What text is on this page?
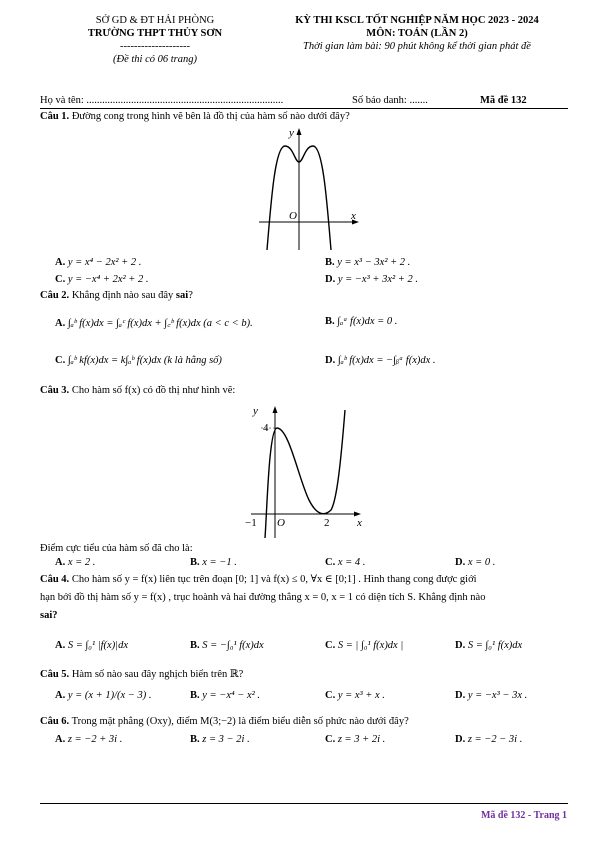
SỞ GD & ĐT HẢI PHÒNG
TRƯỜNG THPT THỦY SƠN
--------------------
(Đề thi có 06 trang)
KỲ THI KSCL TỐT NGHIỆP NĂM HỌC 2023 - 2024
MÔN: TOÁN (LẦN 2)
Thời gian làm bài: 90 phút không kể thời gian phát đề
Họ và tên: ...........................................................................	Số báo danh: .......	Mã đề 132
Câu 1. Đường cong trong hình vẽ bên là đồ thị của hàm số nào dưới đây?
y
x
O
A. y = x⁴ − 2x² + 2 .	B. y = x³ − 3x² + 2 .
C. y = −x⁴ + 2x² + 2 .	D. y = −x³ + 3x² + 2 .
Câu 2. Khẳng định nào sau đây sai?
A. ∫ₐᵇ f(x)dx = ∫ₐᶜ f(x)dx + ∫꜀ᵇ f(x)dx (a < c < b).	B. ∫ₐᵃ f(x)dx = 0 .
C. ∫ₐᵇ kf(x)dx = k∫ₐᵇ f(x)dx (k là hằng số)	D. ∫ₐᵇ f(x)dx = −∫ᵦᵃ f(x)dx .
Câu 3. Cho hàm số f(x) có đồ thị như hình vẽ:
y
4
−1 O	2	x
Điểm cực tiểu của hàm số đã cho là:
A. x = 2 .	B. x = −1 .	C. x = 4 .	D. x = 0 .
Câu 4. Cho hàm số y = f(x) liên tục trên đoạn [0; 1] và f(x) ≤ 0, ∀x ∈ [0;1] . Hình thang cong được giới
hạn bởi đồ thị hàm số y = f(x) , trục hoành và hai đường thẳng x = 0, x = 1 có diện tích S. Khẳng định nào
sai?
A. S = ∫₀¹ |f(x)|dx	B. S = −∫₀¹ f(x)dx	C. S = | ∫₀¹ f(x)dx |	D. S = ∫₀¹ f(x)dx
Câu 5. Hàm số nào sau đây nghịch biến trên ℝ?
A. y = (x + 1)/(x − 3) .	B. y = −x⁴ − x² .	C. y = x³ + x .	D. y = −x³ − 3x .
Câu 6. Trong mặt phẳng (Oxy), điểm M(3;−2) là điểm biểu diễn số phức nào dưới đây?
A. z = −2 + 3i .	B. z = 3 − 2i .	C. z = 3 + 2i .	D. z = −2 − 3i .
Mã đề 132 - Trang 1
